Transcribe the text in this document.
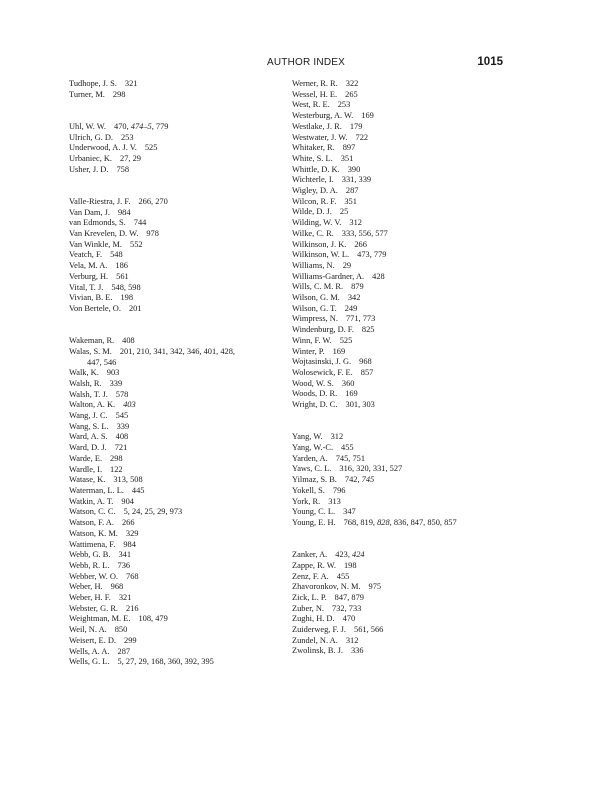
AUTHOR INDEX	1015
Tudhope, J. S. 321
Turner, M. 298
Uhl, W. W. 470, 474–5, 779
Ulrich, G. D. 253
Underwood, A. J. V. 525
Urbaniec, K. 27, 29
Usher, J. D. 758
Valle-Riestra, J. F. 266, 270
Van Dam, J. 984
van Edmonds, S. 744
Van Krevelen, D. W. 978
Van Winkle, M. 552
Veatch, F. 548
Vela, M. A. 186
Verburg, H. 561
Vital, T. J. 548, 598
Vivian, B. E. 198
Von Bertele, O. 201
Wakeman, R. 408
Walas, S. M. 201, 210, 341, 342, 346, 401, 428,
447, 546
Walk, K. 903
Walsh, R. 339
Walsh, T. J. 578
Walton, A. K. 403
Wang, J. C. 545
Wang, S. L. 339
Ward, A. S. 408
Ward, D. J. 721
Warde, E. 298
Wardle, I. 122
Watase, K. 313, 508
Waterman, L. L. 445
Watkin, A. T. 904
Watson, C. C. 5, 24, 25, 29, 973
Watson, F. A. 266
Watson, K. M. 329
Wattimena, F. 984
Webb, G. B. 341
Webb, R. L. 736
Webber, W. O. 768
Weber, H. 968
Weber, H. F. 321
Webster, G. R. 216
Weightman, M. E. 108, 479
Weil, N. A. 850
Weisert, E. D. 299
Wells, A. A. 287
Wells, G. L. 5, 27, 29, 168, 360, 392, 395
Werner, R. R. 322
Wessel, H. E. 265
West, R. E. 253
Westerburg, A. W. 169
Westlake, J. R. 179
Westwater, J. W. 722
Whitaker, R. 897
White, S. L. 351
Whittle, D. K. 390
Wichterle, I. 331, 339
Wigley, D. A. 287
Wilcon, R. F. 351
Wilde, D. J. 25
Wilding, W. V. 312
Wilke, C. R. 333, 556, 577
Wilkinson, J. K. 266
Wilkinson, W. L. 473, 779
Williams, N. 29
Williams-Gardner, A. 428
Wills, C. M. R. 879
Wilson, G. M. 342
Wilson, G. T. 249
Wimpress, N. 771, 773
Windenburg, D. F. 825
Winn, F. W. 525
Winter, P. 169
Wojtasinski, J. G. 968
Wolosewick, F. E. 857
Wood, W. S. 360
Woods, D. R. 169
Wright, D. C. 301, 303
Yang, W. 312
Yang, W.-C. 455
Yarden, A. 745, 751
Yaws, C. L. 316, 320, 331, 527
Yilmaz, S. B. 742, 745
Yokell, S. 796
York, R. 313
Young, C. L. 347
Young, E. H. 768, 819, 828, 836, 847, 850, 857
Zanker, A. 423, 424
Zappe, R. W. 198
Zenz, F. A. 455
Zhavoronkov, N. M. 975
Zick, L. P. 847, 879
Zuber, N. 732, 733
Zughi, H. D. 470
Zuiderweg, F. J. 561, 566
Zundel, N. A. 312
Zwolinsk, B. J. 336
